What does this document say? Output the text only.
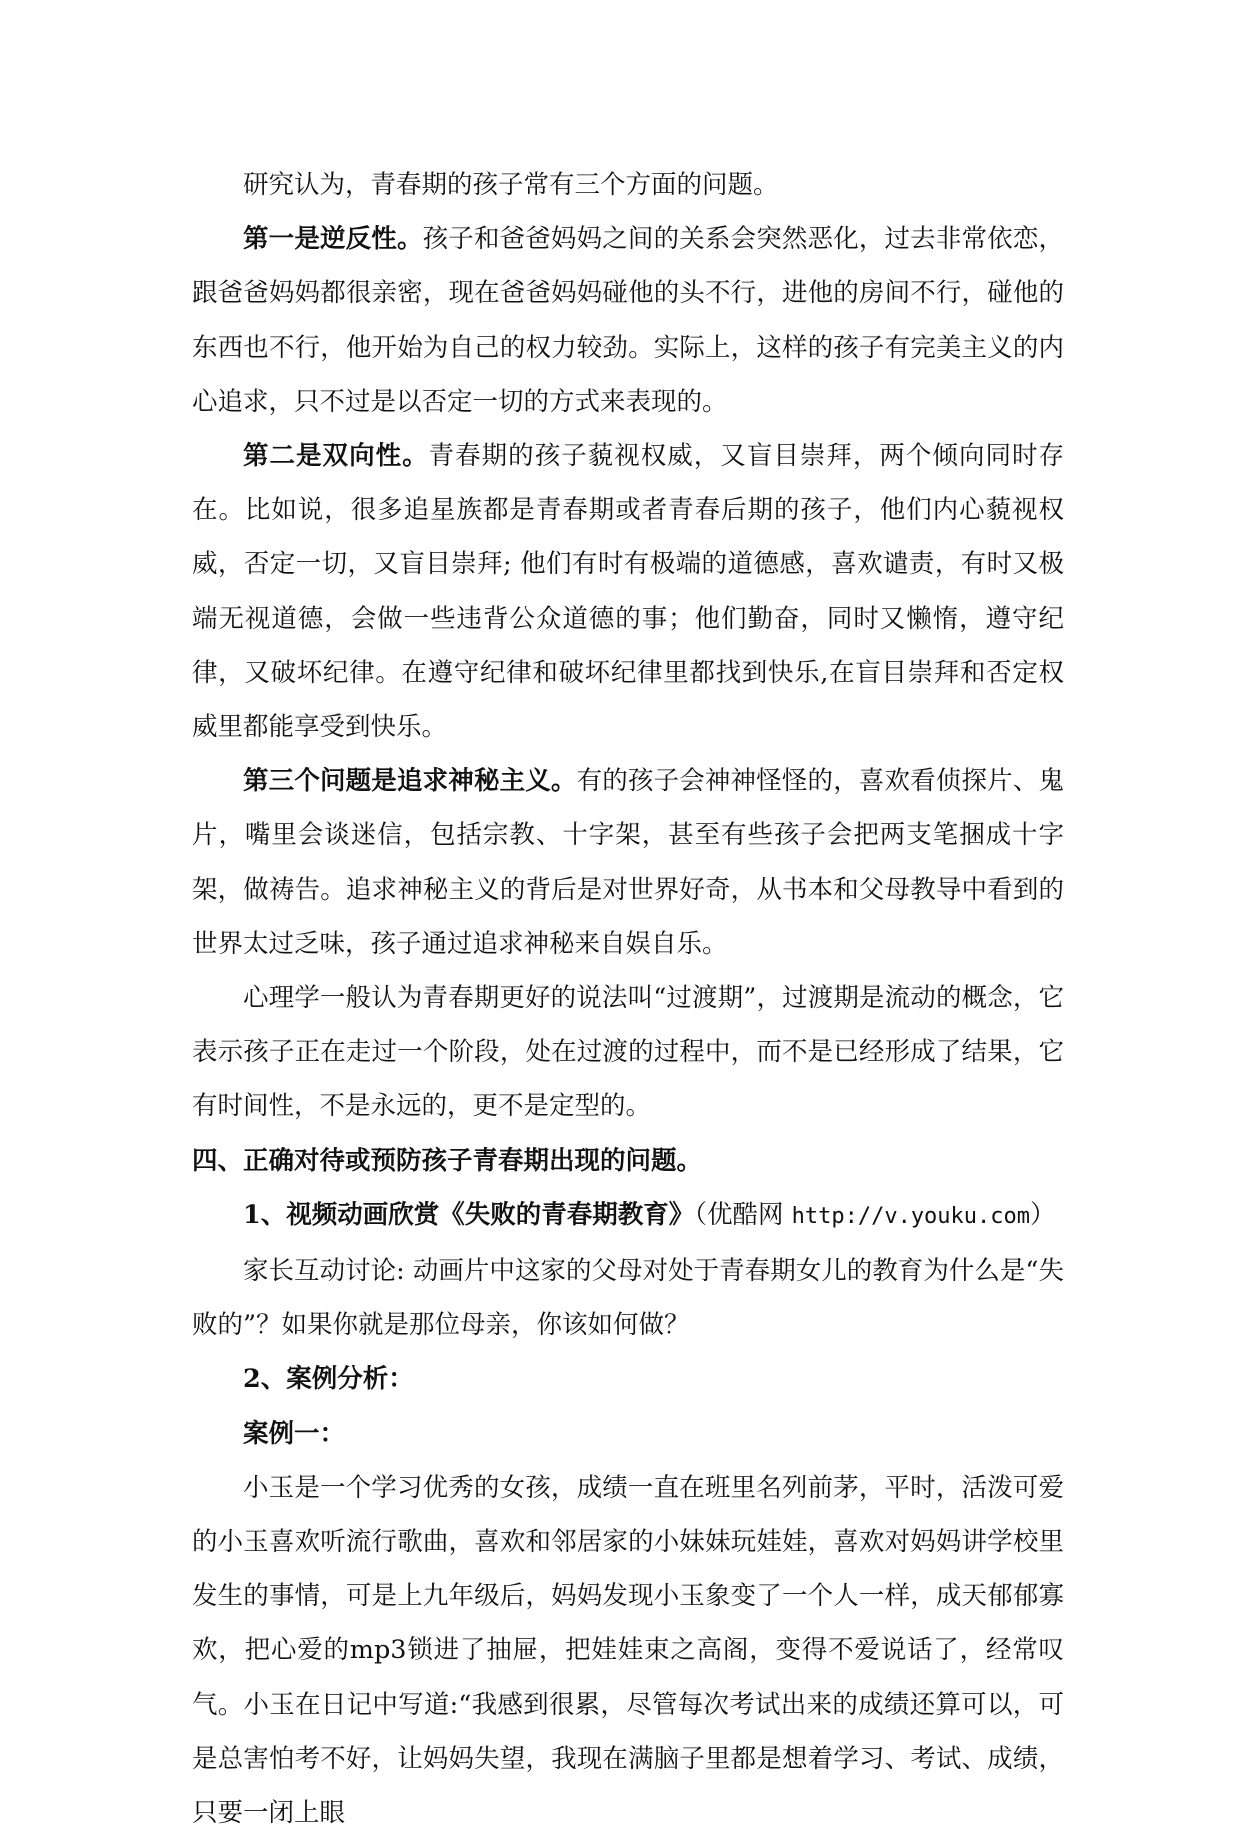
研究认为，青春期的孩子常有三个方面的问题。

第一是逆反性。孩子和爸爸妈妈之间的关系会突然恶化，过去非常依恋，跟爸爸妈妈都很亲密，现在爸爸妈妈碰他的头不行，进他的房间不行，碰他的东西也不行，他开始为自己的权力较劲。实际上，这样的孩子有完美主义的内心追求，只不过是以否定一切的方式来表现的。

第二是双向性。青春期的孩子藐视权威，又盲目崇拜，两个倾向同时存在。比如说，很多追星族都是青春期或者青春后期的孩子，他们内心藐视权威，否定一切，又盲目崇拜; 他们有时有极端的道德感，喜欢谴责，有时又极端无视道德，会做一些违背公众道德的事；他们勤奋，同时又懒惰，遵守纪律，又破坏纪律。在遵守纪律和破坏纪律里都找到快乐,在盲目崇拜和否定权威里都能享受到快乐。

第三个问题是追求神秘主义。有的孩子会神神怪怪的，喜欢看侦探片、鬼片，嘴里会谈迷信，包括宗教、十字架，甚至有些孩子会把两支笔捆成十字架，做祷告。追求神秘主义的背后是对世界好奇，从书本和父母教导中看到的世界太过乏味，孩子通过追求神秘来自娱自乐。

心理学一般认为青春期更好的说法叫“过渡期”，过渡期是流动的概念，它表示孩子正在走过一个阶段，处在过渡的过程中，而不是已经形成了结果，它有时间性，不是永远的，更不是定型的。

四、正确对待或预防孩子青春期出现的问题。

1、视频动画欣赏《失败的青春期教育》（优酷网 http://v.youku.com）

家长互动讨论: 动画片中这家的父母对处于青春期女儿的教育为什么是“失败的”？如果你就是那位母亲，你该如何做？

2、案例分析：

案例一：

小玉是一个学习优秀的女孩，成绩一直在班里名列前茅，平时，活泼可爱的小玉喜欢听流行歌曲，喜欢和邻居家的小妹妹玩娃娃，喜欢对妈妈讲学校里发生的事情，可是上九年级后，妈妈发现小玉象变了一个人一样，成天郁郁寡欢，把心爱的mp3锁进了抽屉，把娃娃束之高阁，变得不爱说话了，经常叹气。小玉在日记中写道:“我感到很累，尽管每次考试出来的成绩还算可以，可是总害怕考不好，让妈妈失望，我现在满脑子里都是想着学习、考试、成绩，只要一闭上眼
